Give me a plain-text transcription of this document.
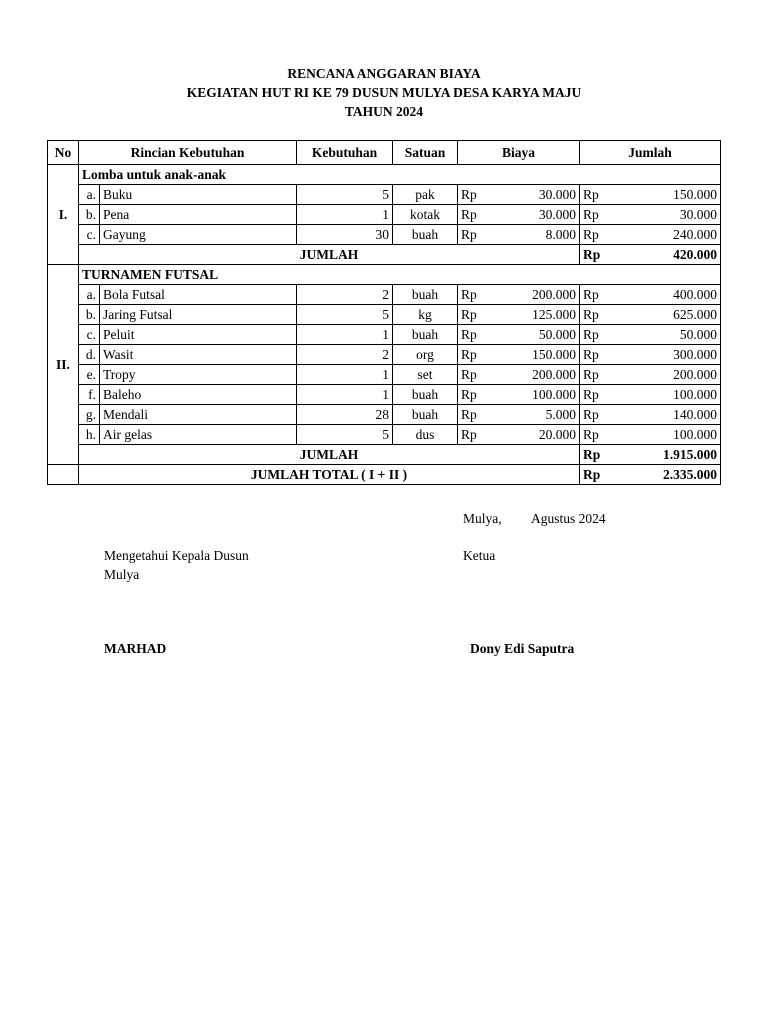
RENCANA ANGGARAN BIAYA
KEGIATAN HUT RI KE 79 DUSUN MULYA DESA KARYA MAJU
TAHUN 2024
No	Rincian Kebutuhan		Kebutuhan	Satuan	Biaya		Jumlah	
I.	Lomba untuk anak-anak							
	a.	Buku	5	pak	Rp	30.000	Rp	150.000
	b.	Pena	1	kotak	Rp	30.000	Rp	30.000
	c.	Gayung	30	buah	Rp	8.000	Rp	240.000
	JUMLAH						Rp	420.000
II.	TURNAMEN FUTSAL							
	a.	Bola Futsal	2	buah	Rp	200.000	Rp	400.000
	b.	Jaring Futsal	5	kg	Rp	125.000	Rp	625.000
	c.	Peluit	1	buah	Rp	50.000	Rp	50.000
	d.	Wasit	2	org	Rp	150.000	Rp	300.000
	e.	Tropy	1	set	Rp	200.000	Rp	200.000
	f.	Baleho	1	buah	Rp	100.000	Rp	100.000
	g.	Mendali	28	buah	Rp	5.000	Rp	140.000
	h.	Air gelas	5	dus	Rp	20.000	Rp	100.000
	JUMLAH						Rp	1.915.000
	JUMLAH TOTAL ( I + II )						Rp	2.335.000
Mulya, Agustus 2024
Mengetahui Kepala Dusun
Mulya
Ketua
MARHAD	Dony Edi Saputra
